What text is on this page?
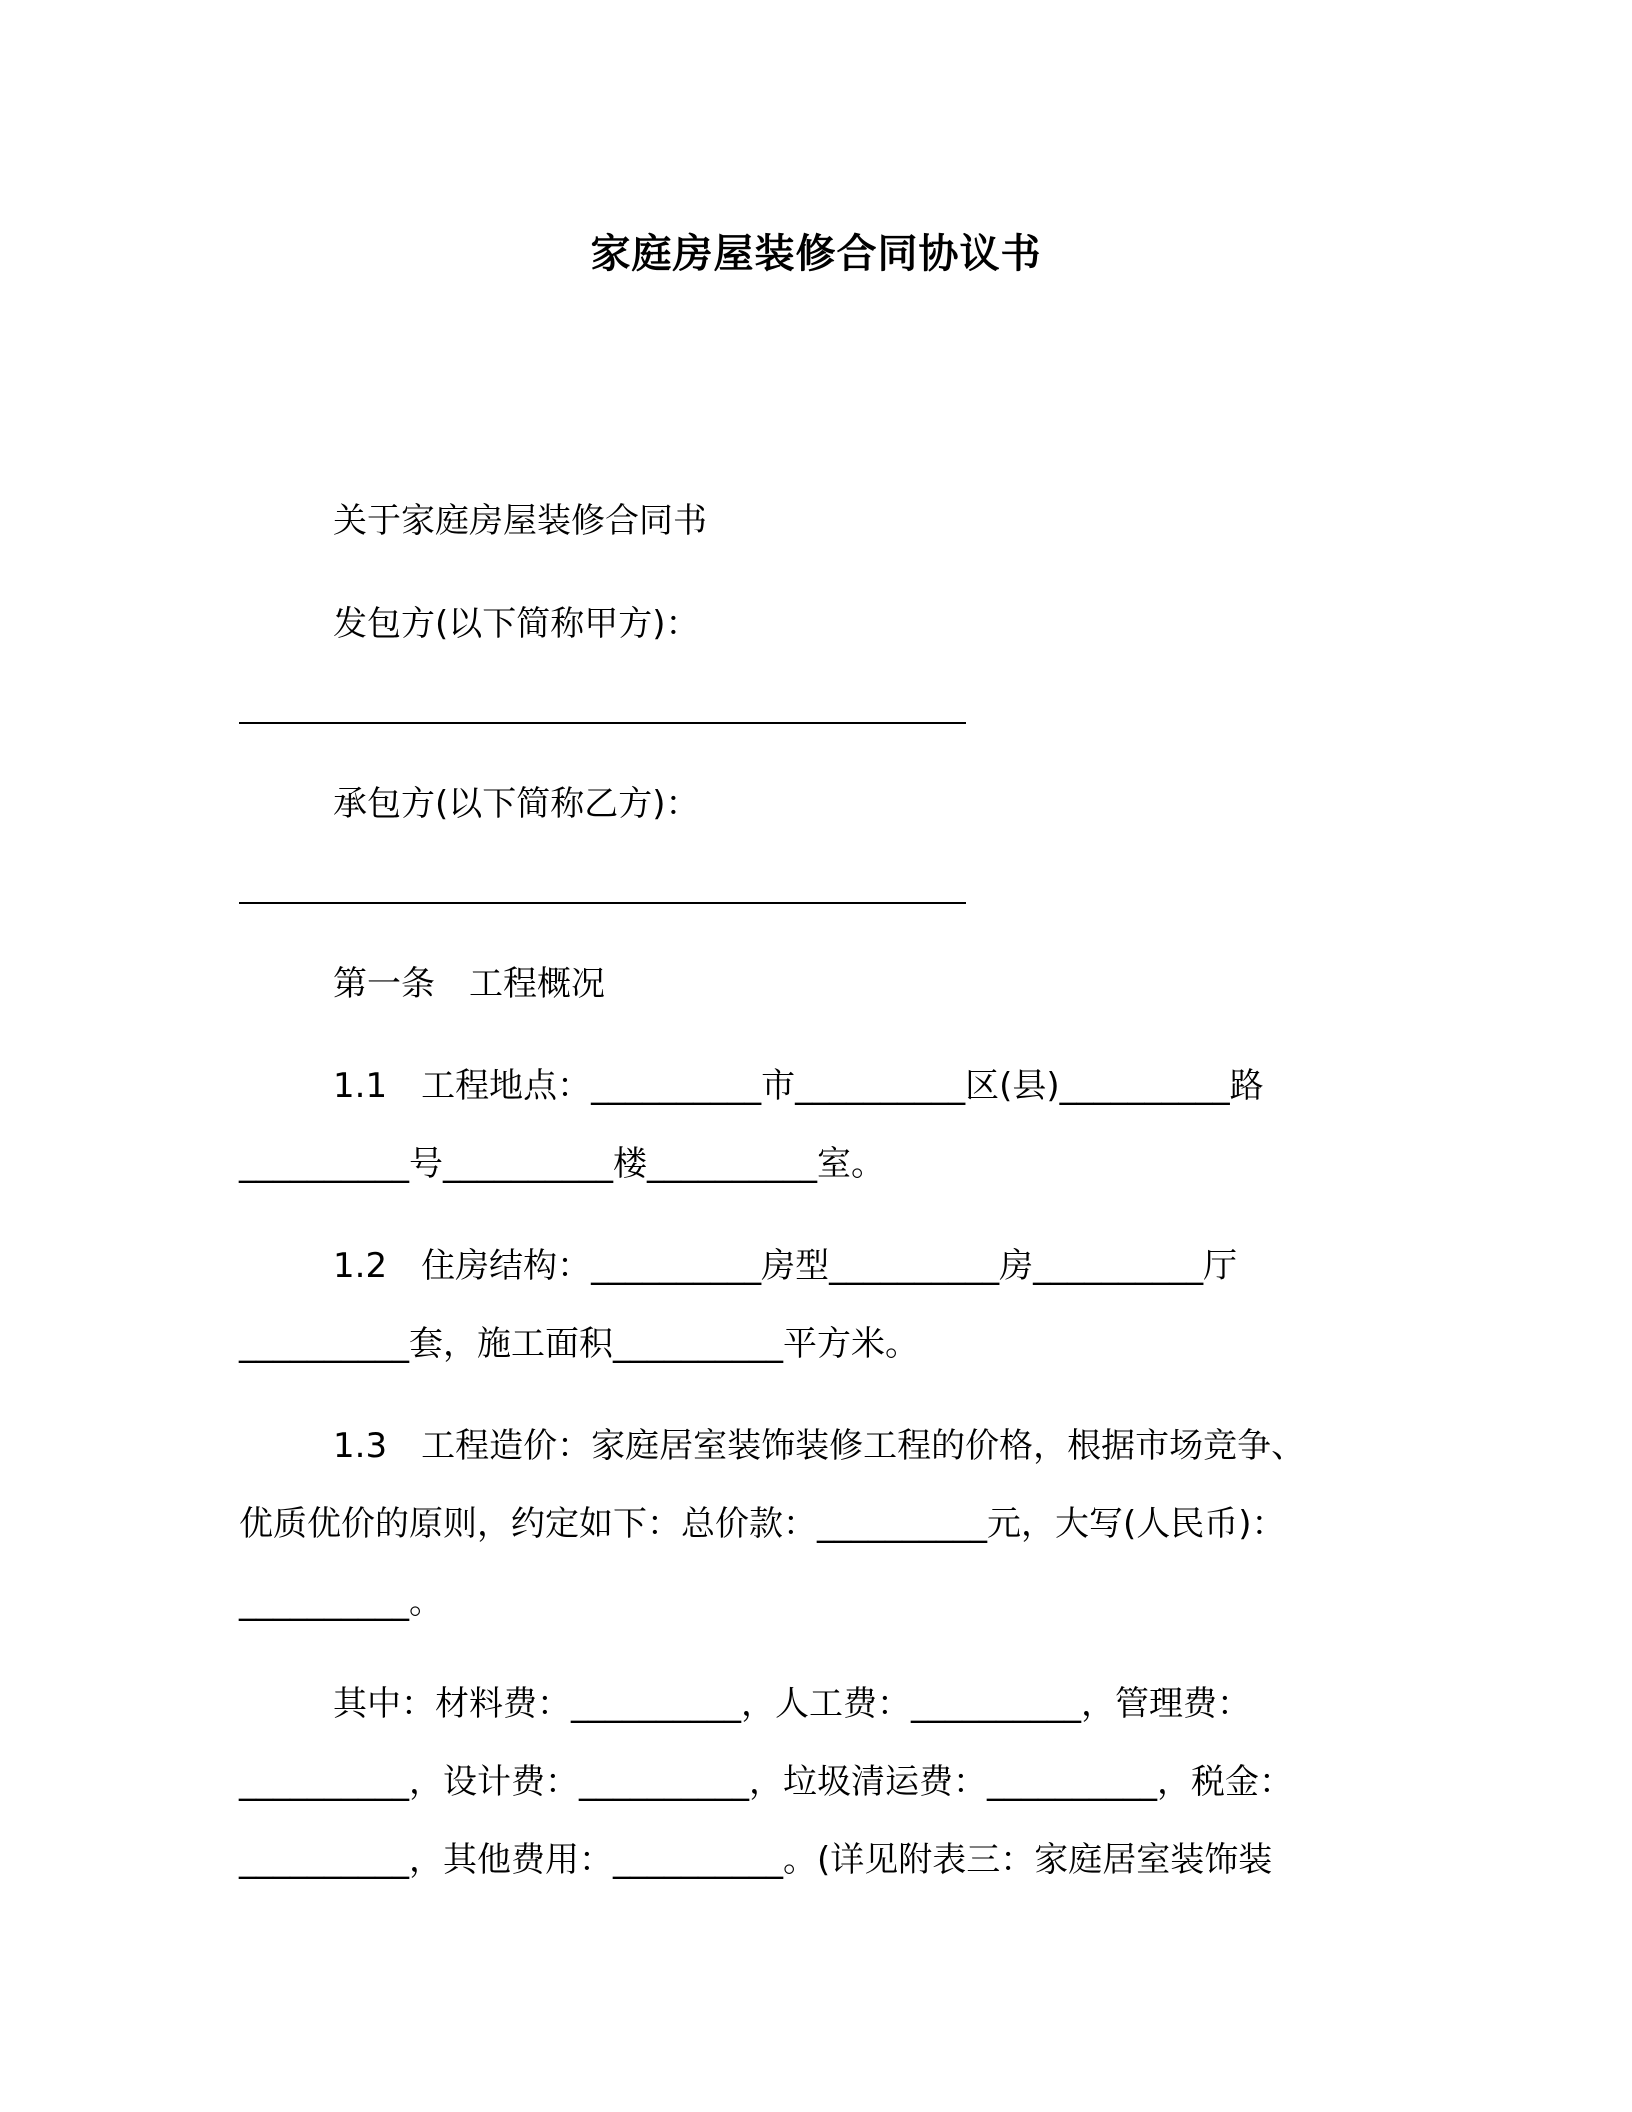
家庭房屋装修合同协议书
关于家庭房屋装修合同书
发包方(以下简称甲方)：
承包方(以下简称乙方)：
第一条　工程概况
1.1　工程地点：__________市__________区(县)__________路
__________号__________楼__________室。
1.2　住房结构：__________房型__________房__________厅
__________套，施工面积__________平方米。
1.3　工程造价：家庭居室装饰装修工程的价格，根据市场竞争、
优质优价的原则，约定如下：总价款：__________元，大写(人民币)：
__________。
其中：材料费：__________，人工费：__________，管理费：
__________，设计费：__________，垃圾清运费：__________，税金：
__________，其他费用：__________。(详见附表三：家庭居室装饰装
